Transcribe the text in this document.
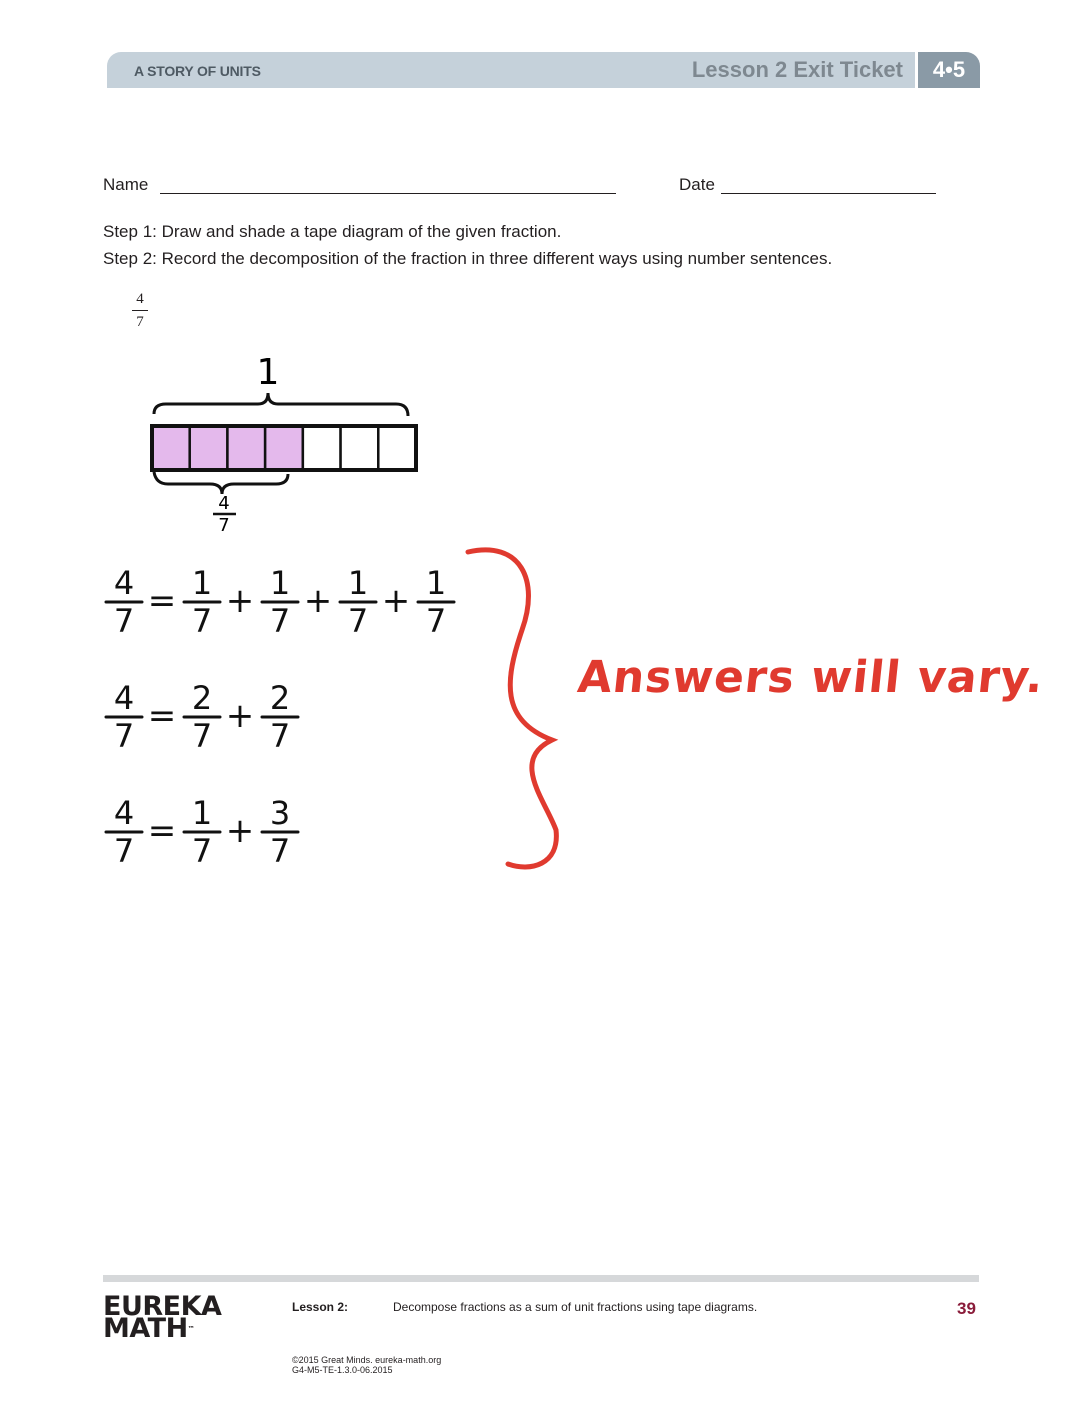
A STORY OF UNITS	Lesson 2 Exit Ticket	4•5
Name	Date
Step 1: Draw and shade a tape diagram of the given fraction.
Step 2: Record the decomposition of the fraction in three different ways using number sentences.
$\frac{4}{7}$
1
4
7
4
7 = 1
7 + 1
7 + 1
7 + 1
7
4
7 = 2
7 + 2
7
4
7 = 1
7 + 3
7
Answers will vary.
EUREKA
MATH™
Lesson 2:	Decompose fractions as a sum of unit fractions using tape diagrams.	39
©2015 Great Minds. eureka-math.org
G4-M5-TE-1.3.0-06.2015
